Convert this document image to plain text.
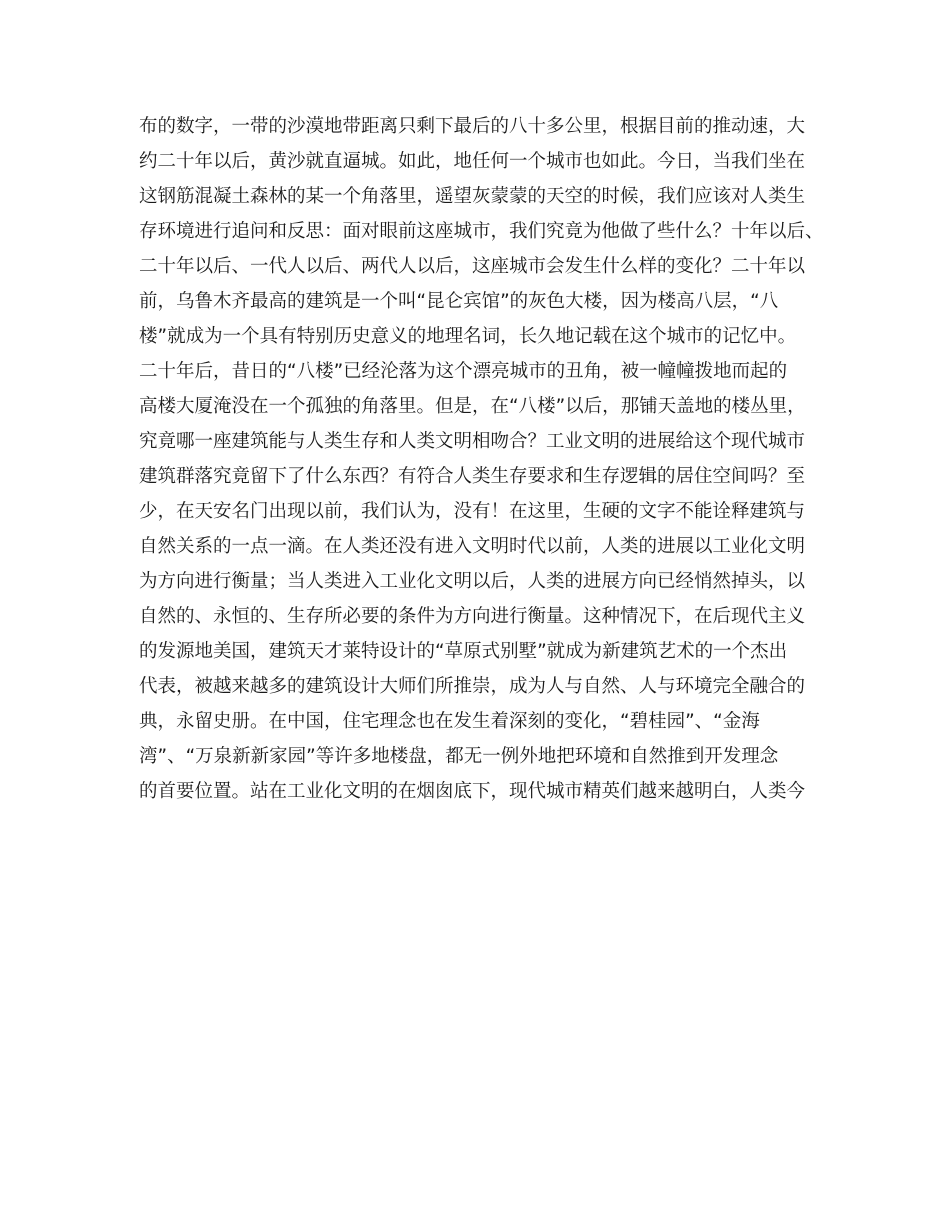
布的数字，一带的沙漠地带距离只剩下最后的八十多公里，根据目前的推动速，大
约二十年以后，黄沙就直逼城。如此，地任何一个城市也如此。今日，当我们坐在
这钢筋混凝土森林的某一个角落里，遥望灰蒙蒙的天空的时候，我们应该对人类生
存环境进行追问和反思：面对眼前这座城市，我们究竟为他做了些什么？十年以后、
二十年以后、一代人以后、两代人以后，这座城市会发生什么样的变化？二十年以
前，乌鲁木齐最高的建筑是一个叫“昆仑宾馆”的灰色大楼，因为楼高八层，“八
楼”就成为一个具有特别历史意义的地理名词，长久地记载在这个城市的记忆中。
二十年后，昔日的“八楼”已经沦落为这个漂亮城市的丑角，被一幢幢拨地而起的
高楼大厦淹没在一个孤独的角落里。但是，在“八楼”以后，那铺天盖地的楼丛里，
究竟哪一座建筑能与人类生存和人类文明相吻合？工业文明的进展给这个现代城市
建筑群落究竟留下了什么东西？有符合人类生存要求和生存逻辑的居住空间吗？至
少，在天安名门出现以前，我们认为，没有！在这里，生硬的文字不能诠释建筑与
自然关系的一点一滴。在人类还没有进入文明时代以前，人类的进展以工业化文明
为方向进行衡量；当人类进入工业化文明以后，人类的进展方向已经悄然掉头，以
自然的、永恒的、生存所必要的条件为方向进行衡量。这种情况下，在后现代主义
的发源地美国，建筑天才莱特设计的“草原式别墅”就成为新建筑艺术的一个杰出
代表，被越来越多的建筑设计大师们所推崇，成为人与自然、人与环境完全融合的
典，永留史册。在中国，住宅理念也在发生着深刻的变化，“碧桂园”、“金海
湾”、“万泉新新家园”等许多地楼盘，都无一例外地把环境和自然推到开发理念
的首要位置。站在工业化文明的在烟囱底下，现代城市精英们越来越明白，人类今
